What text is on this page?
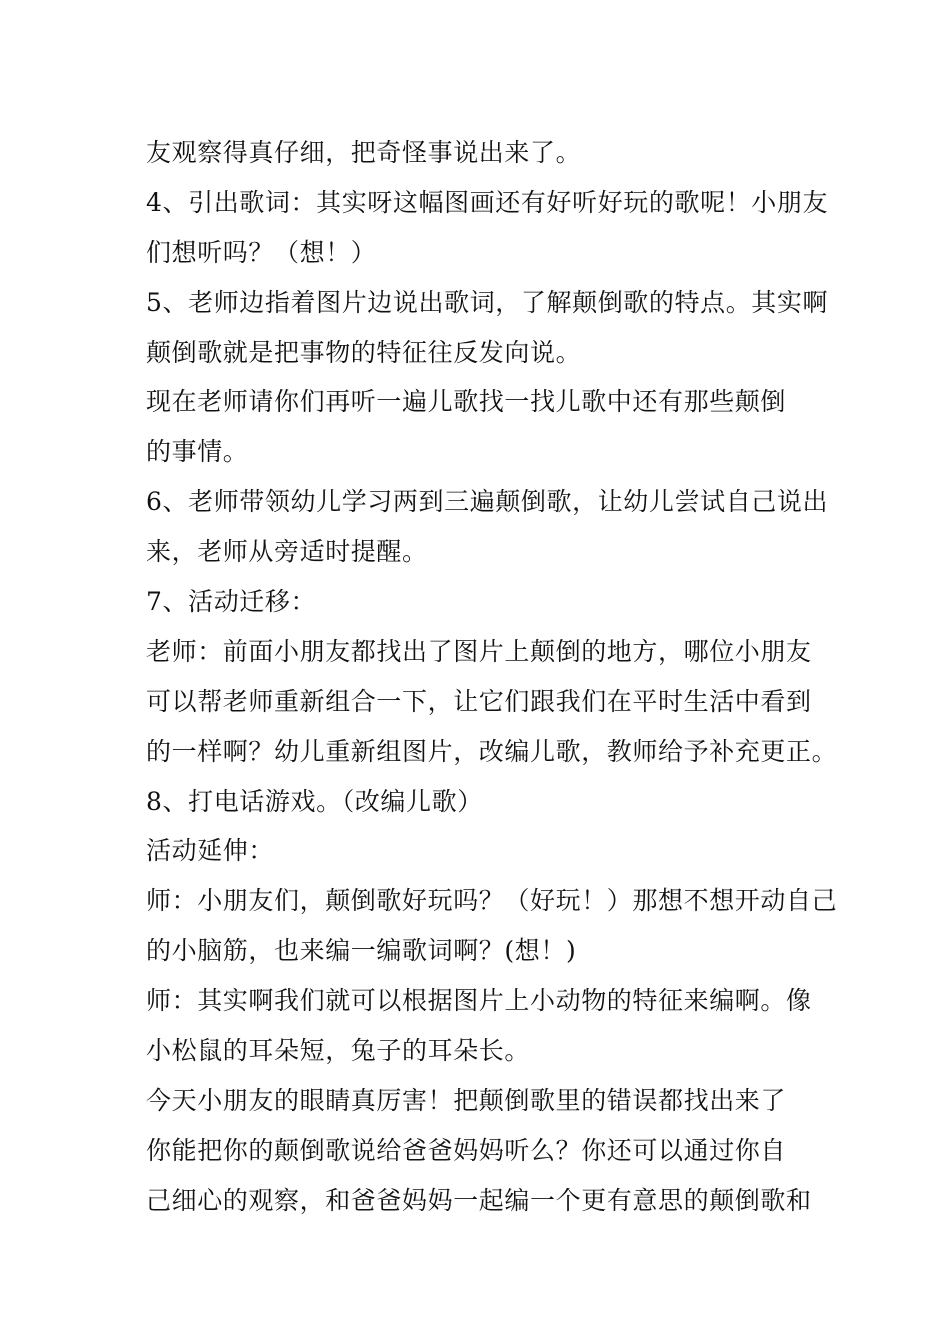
友观察得真仔细，把奇怪事说出来了。
4、引出歌词：其实呀这幅图画还有好听好玩的歌呢！小朋友
们想听吗？（想！）
5、老师边指着图片边说出歌词，了解颠倒歌的特点。其实啊
颠倒歌就是把事物的特征往反发向说。
现在老师请你们再听一遍儿歌找一找儿歌中还有那些颠倒
的事情。
6、老师带领幼儿学习两到三遍颠倒歌，让幼儿尝试自己说出
来，老师从旁适时提醒。
7、活动迁移：
老师：前面小朋友都找出了图片上颠倒的地方，哪位小朋友
可以帮老师重新组合一下，让它们跟我们在平时生活中看到
的一样啊？幼儿重新组图片，改编儿歌，教师给予补充更正。
8、打电话游戏。（改编儿歌）
活动延伸：
师：小朋友们，颠倒歌好玩吗？（好玩！）那想不想开动自己
的小脑筋，也来编一编歌词啊？(想！)
师：其实啊我们就可以根据图片上小动物的特征来编啊。像
小松鼠的耳朵短，兔子的耳朵长。
今天小朋友的眼睛真厉害！把颠倒歌里的错误都找出来了
你能把你的颠倒歌说给爸爸妈妈听么？你还可以通过你自
己细心的观察，和爸爸妈妈一起编一个更有意思的颠倒歌和
